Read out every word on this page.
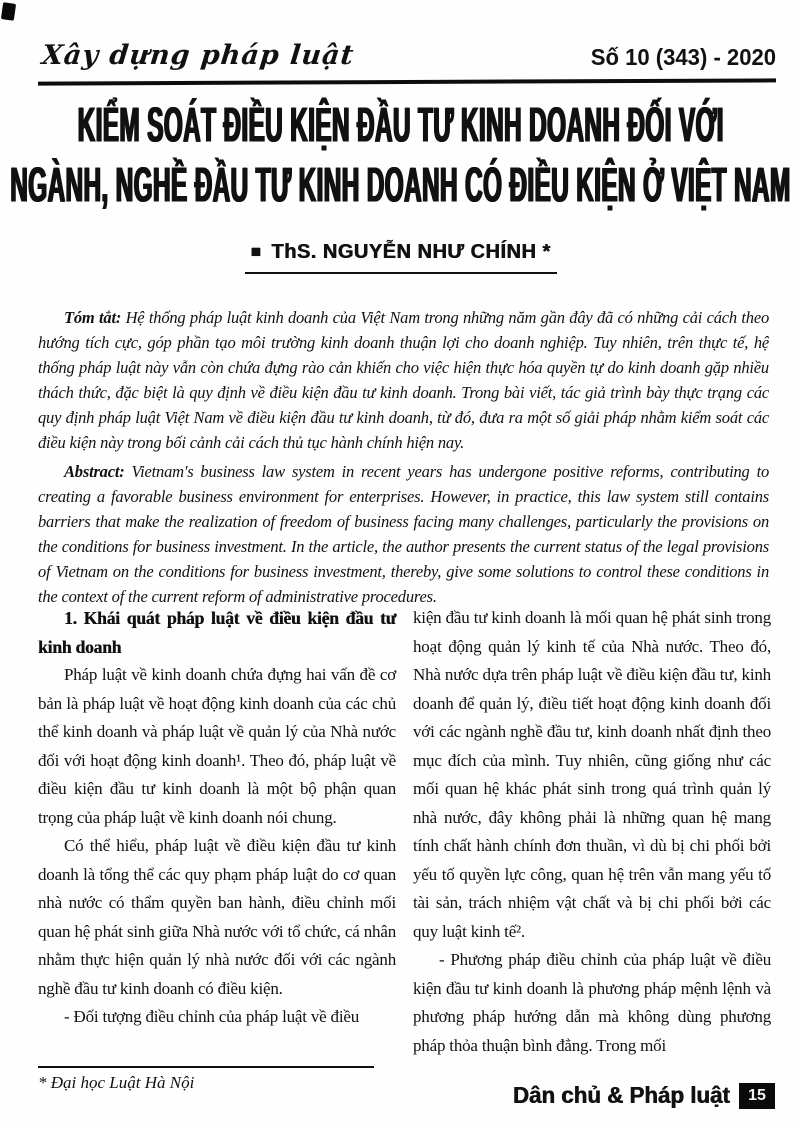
Xây dựng pháp luật	Số 10 (343) - 2020
KIỂM SOÁT ĐIỀU KIỆN ĐẦU TƯ KINH DOANH ĐỐI VỚI
NGÀNH, NGHỀ ĐẦU TƯ KINH DOANH CÓ ĐIỀU KIỆN Ở VIỆT NAM
■ ThS. NGUYỄN NHƯ CHÍNH *

Tóm tắt: Hệ thống pháp luật kinh doanh của Việt Nam trong những năm gần đây đã có những cải cách theo hướng tích cực, góp phần tạo môi trường kinh doanh thuận lợi cho doanh nghiệp. Tuy nhiên, trên thực tế, hệ thống pháp luật này vẫn còn chứa đựng rào cản khiến cho việc hiện thực hóa quyền tự do kinh doanh gặp nhiều thách thức, đặc biệt là quy định về điều kiện đầu tư kinh doanh. Trong bài viết, tác giả trình bày thực trạng các quy định pháp luật Việt Nam về điều kiện đầu tư kinh doanh, từ đó, đưa ra một số giải pháp nhằm kiểm soát các điều kiện này trong bối cảnh cải cách thủ tục hành chính hiện nay.

Abstract: Vietnam's business law system in recent years has undergone positive reforms, contributing to creating a favorable business environment for enterprises. However, in practice, this law system still contains barriers that make the realization of freedom of business facing many challenges, particularly the provisions on the conditions for business investment. In the article, the author presents the current status of the legal provisions of Vietnam on the conditions for business investment, thereby, give some solutions to control these conditions in the context of the current reform of administrative procedures.

1. Khái quát pháp luật về điều kiện đầu tư kinh doanh

Pháp luật về kinh doanh chứa đựng hai vấn đề cơ bản là pháp luật về hoạt động kinh doanh của các chủ thể kinh doanh và pháp luật về quản lý của Nhà nước đối với hoạt động kinh doanh¹. Theo đó, pháp luật về điều kiện đầu tư kinh doanh là một bộ phận quan trọng của pháp luật về kinh doanh nói chung.

Có thể hiểu, pháp luật về điều kiện đầu tư kinh doanh là tổng thể các quy phạm pháp luật do cơ quan nhà nước có thẩm quyền ban hành, điều chỉnh mối quan hệ phát sinh giữa Nhà nước với tổ chức, cá nhân nhằm thực hiện quản lý nhà nước đối với các ngành nghề đầu tư kinh doanh có điều kiện.

- Đối tượng điều chỉnh của pháp luật về điều

kiện đầu tư kinh doanh là mối quan hệ phát sinh trong hoạt động quản lý kinh tế của Nhà nước. Theo đó, Nhà nước dựa trên pháp luật về điều kiện đầu tư, kinh doanh để quản lý, điều tiết hoạt động kinh doanh đối với các ngành nghề đầu tư, kinh doanh nhất định theo mục đích của mình. Tuy nhiên, cũng giống như các mối quan hệ khác phát sinh trong quá trình quản lý nhà nước, đây không phải là những quan hệ mang tính chất hành chính đơn thuần, vì dù bị chi phối bởi yếu tố quyền lực công, quan hệ trên vẫn mang yếu tố tài sản, trách nhiệm vật chất và bị chi phối bởi các quy luật kinh tế².

- Phương pháp điều chỉnh của pháp luật về điều kiện đầu tư kinh doanh là phương pháp mệnh lệnh và phương pháp hướng dẫn mà không dùng phương pháp thỏa thuận bình đẳng. Trong mối

* Đại học Luật Hà Nội	Dân chủ & Pháp luật	15
